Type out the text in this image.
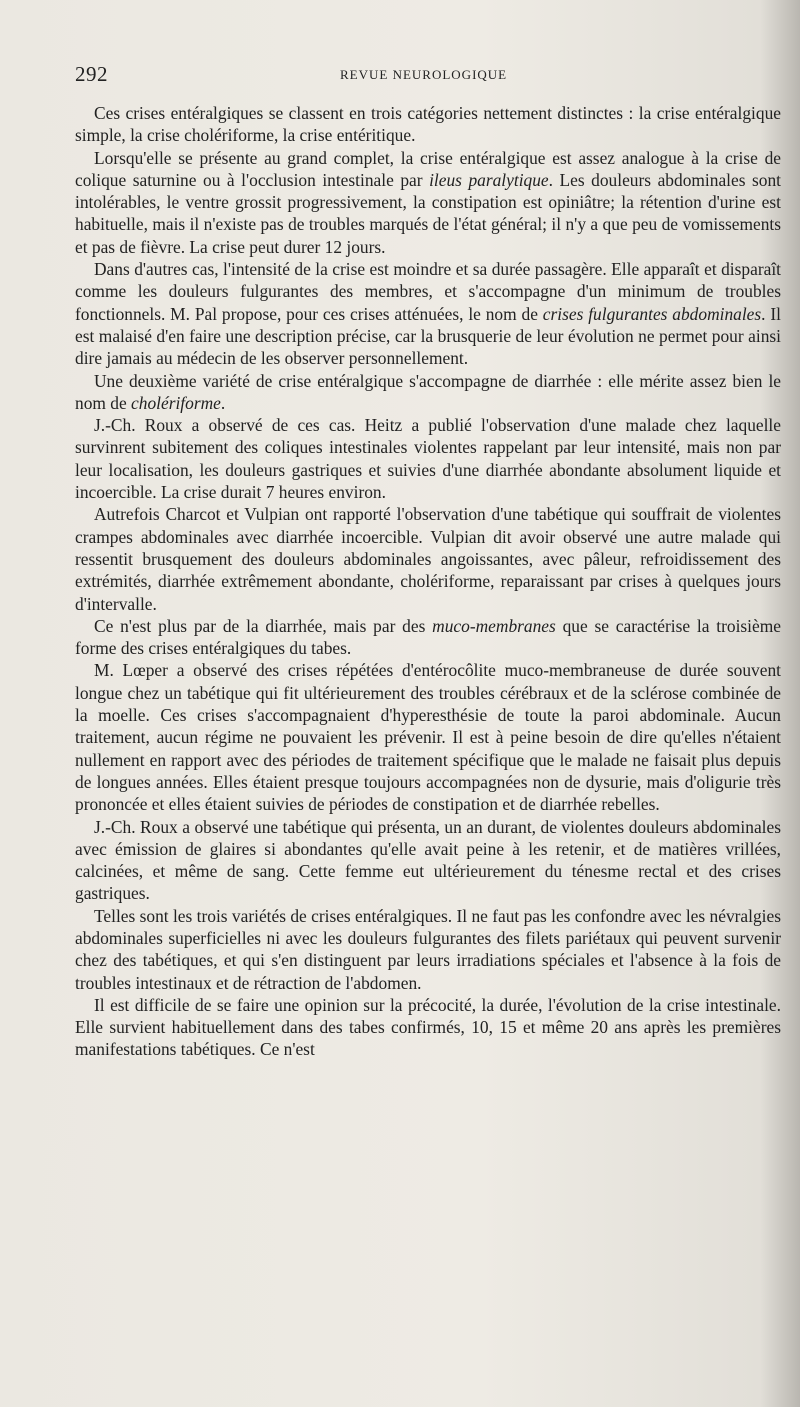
292	REVUE NEUROLOGIQUE

Ces crises entéralgiques se classent en trois catégories nettement distinctes : la crise entéralgique simple, la crise cholériforme, la crise entéritique.

Lorsqu'elle se présente au grand complet, la crise entéralgique est assez analogue à la crise de colique saturnine ou à l'occlusion intestinale par ileus paralytique. Les douleurs abdominales sont intolérables, le ventre grossit progressivement, la constipation est opiniâtre; la rétention d'urine est habituelle, mais il n'existe pas de troubles marqués de l'état général; il n'y a que peu de vomissements et pas de fièvre. La crise peut durer 12 jours.

Dans d'autres cas, l'intensité de la crise est moindre et sa durée passagère. Elle apparaît et disparaît comme les douleurs fulgurantes des membres, et s'accompagne d'un minimum de troubles fonctionnels. M. Pal propose, pour ces crises atténuées, le nom de crises fulgurantes abdominales. Il est malaisé d'en faire une description précise, car la brusquerie de leur évolution ne permet pour ainsi dire jamais au médecin de les observer personnellement.

Une deuxième variété de crise entéralgique s'accompagne de diarrhée : elle mérite assez bien le nom de cholériforme.

J.-Ch. Roux a observé de ces cas. Heitz a publié l'observation d'une malade chez laquelle survinrent subitement des coliques intestinales violentes rappelant par leur intensité, mais non par leur localisation, les douleurs gastriques et suivies d'une diarrhée abondante absolument liquide et incoercible. La crise durait 7 heures environ.

Autrefois Charcot et Vulpian ont rapporté l'observation d'une tabétique qui souffrait de violentes crampes abdominales avec diarrhée incoercible. Vulpian dit avoir observé une autre malade qui ressentit brusquement des douleurs abdominales angoissantes, avec pâleur, refroidissement des extrémités, diarrhée extrêmement abondante, cholériforme, reparaissant par crises à quelques jours d'intervalle.

Ce n'est plus par de la diarrhée, mais par des muco-membranes que se caractérise la troisième forme des crises entéralgiques du tabes.

M. Lœper a observé des crises répétées d'entérocôlite muco-membraneuse de durée souvent longue chez un tabétique qui fit ultérieurement des troubles cérébraux et de la sclérose combinée de la moelle. Ces crises s'accompagnaient d'hyperesthésie de toute la paroi abdominale. Aucun traitement, aucun régime ne pouvaient les prévenir. Il est à peine besoin de dire qu'elles n'étaient nullement en rapport avec des périodes de traitement spécifique que le malade ne faisait plus depuis de longues années. Elles étaient presque toujours accompagnées non de dysurie, mais d'oligurie très prononcée et elles étaient suivies de périodes de constipation et de diarrhée rebelles.

J.-Ch. Roux a observé une tabétique qui présenta, un an durant, de violentes douleurs abdominales avec émission de glaires si abondantes qu'elle avait peine à les retenir, et de matières vrillées, calcinées, et même de sang. Cette femme eut ultérieurement du ténesme rectal et des crises gastriques.

Telles sont les trois variétés de crises entéralgiques. Il ne faut pas les confondre avec les névralgies abdominales superficielles ni avec les douleurs fulgurantes des filets pariétaux qui peuvent survenir chez des tabétiques, et qui s'en distinguent par leurs irradiations spéciales et l'absence à la fois de troubles intestinaux et de rétraction de l'abdomen.

Il est difficile de se faire une opinion sur la précocité, la durée, l'évolution de la crise intestinale. Elle survient habituellement dans des tabes confirmés, 10, 15 et même 20 ans après les premières manifestations tabétiques. Ce n'est
